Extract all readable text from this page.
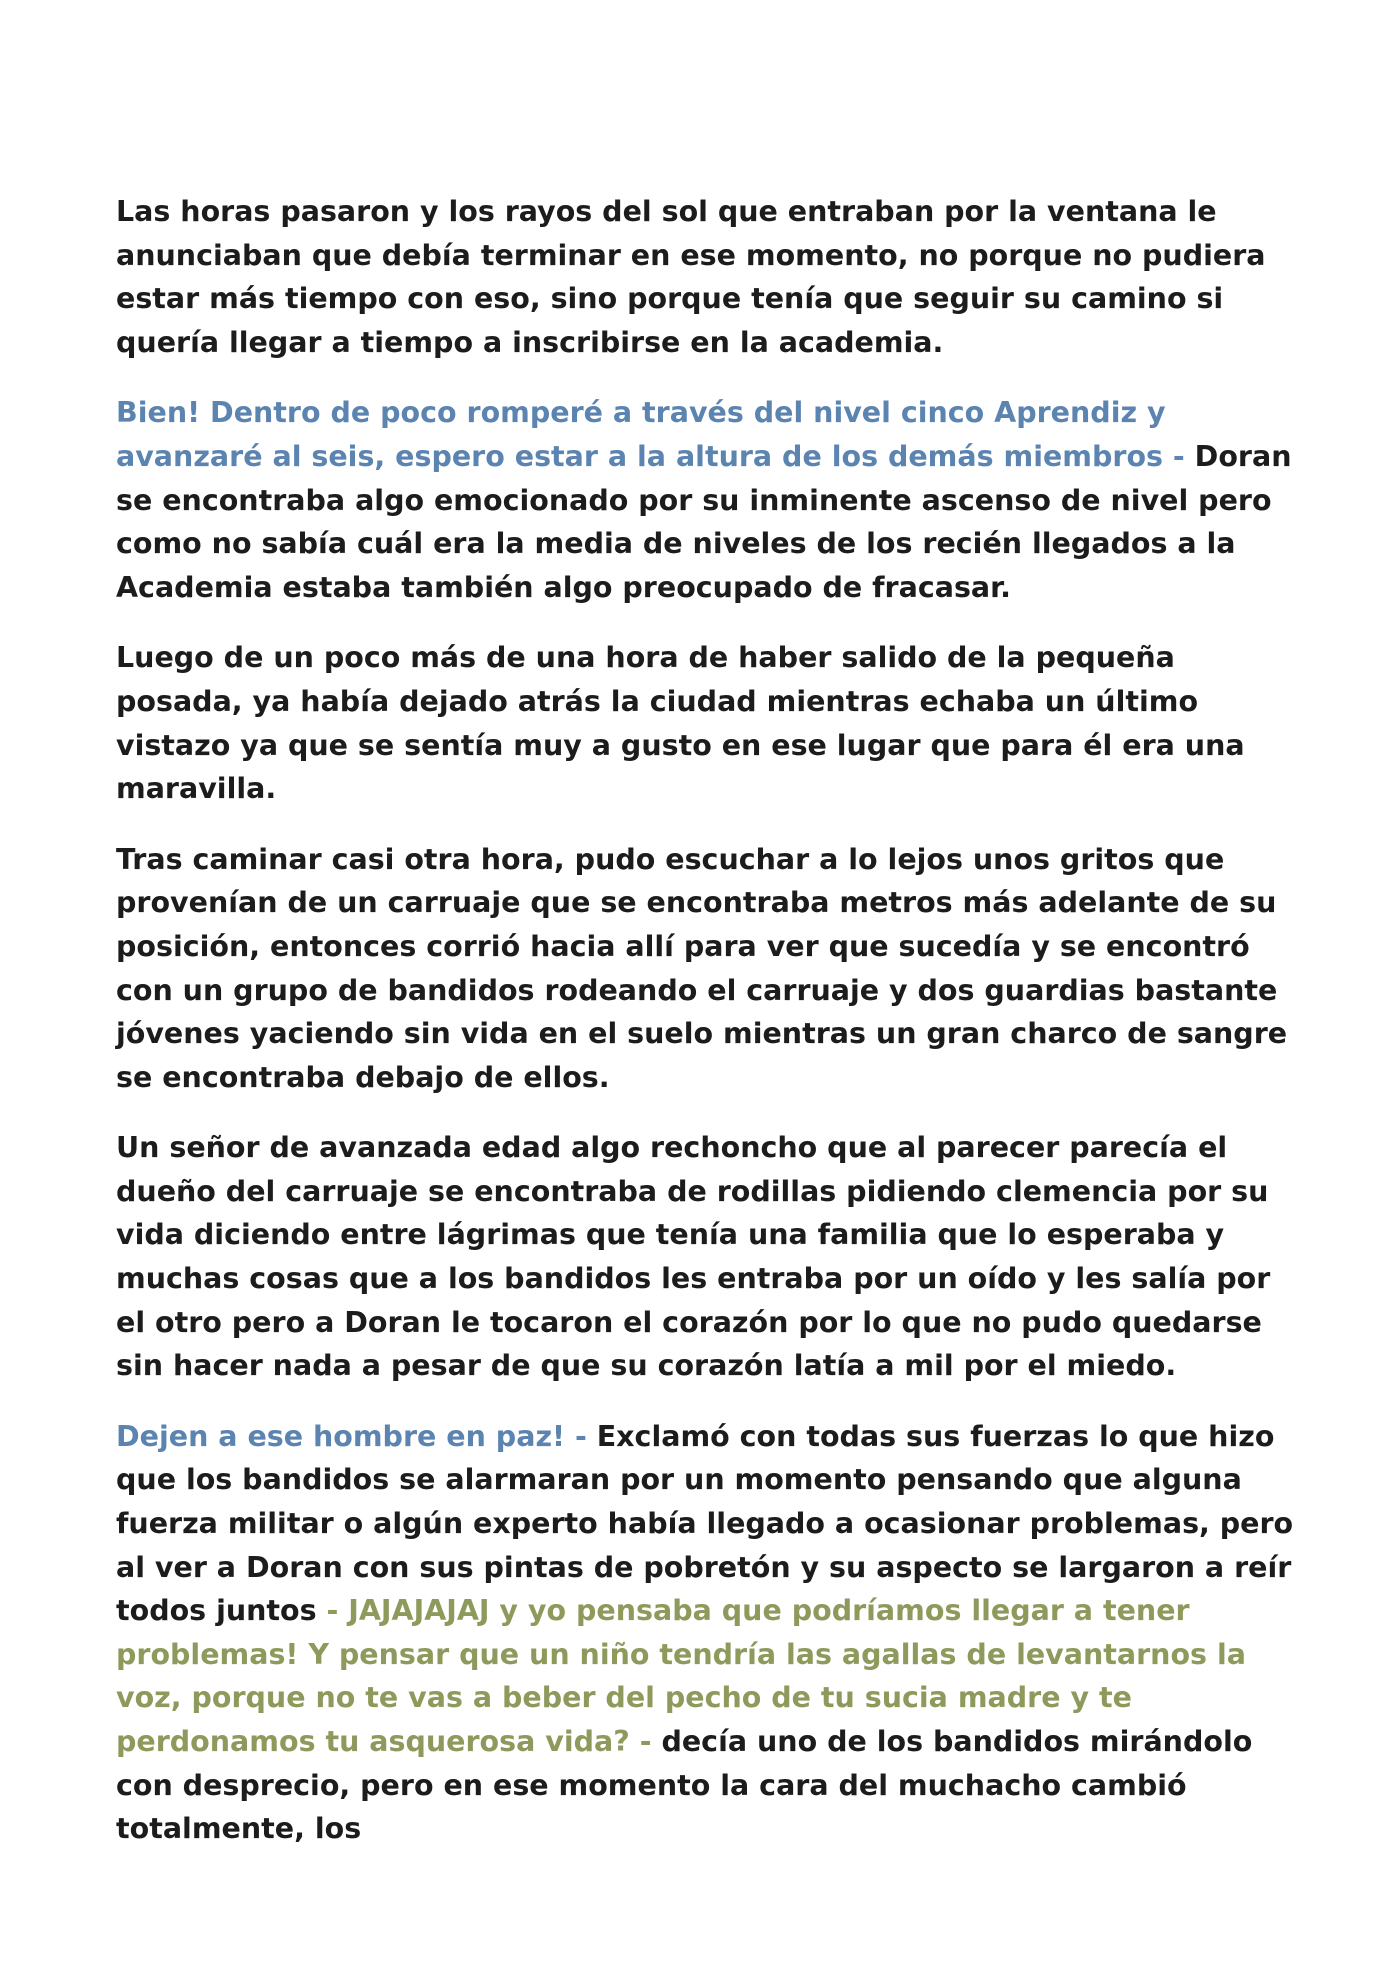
Las horas pasaron y los rayos del sol que entraban por la ventana le anunciaban que debía terminar en ese momento, no porque no pudiera estar más tiempo con eso, sino porque tenía que seguir su camino si quería llegar a tiempo a inscribirse en la academia.

Bien! Dentro de poco romperé a través del nivel cinco Aprendiz y avanzaré al seis, espero estar a la altura de los demás miembros - Doran se encontraba algo emocionado por su inminente ascenso de nivel pero como no sabía cuál era la media de niveles de los recién llegados a la Academia estaba también algo preocupado de fracasar.

Luego de un poco más de una hora de haber salido de la pequeña posada, ya había dejado atrás la ciudad mientras echaba un último vistazo ya que se sentía muy a gusto en ese lugar que para él era una maravilla.

Tras caminar casi otra hora, pudo escuchar a lo lejos unos gritos que provenían de un carruaje que se encontraba metros más adelante de su posición, entonces corrió hacia allí para ver que sucedía y se encontró con un grupo de bandidos rodeando el carruaje y dos guardias bastante jóvenes yaciendo sin vida en el suelo mientras un gran charco de sangre se encontraba debajo de ellos.

Un señor de avanzada edad algo rechoncho que al parecer parecía el dueño del carruaje se encontraba de rodillas pidiendo clemencia por su vida diciendo entre lágrimas que tenía una familia que lo esperaba y muchas cosas que a los bandidos les entraba por un oído y les salía por el otro pero a Doran le tocaron el corazón por lo que no pudo quedarse sin hacer nada a pesar de que su corazón latía a mil por el miedo.

Dejen a ese hombre en paz! - Exclamó con todas sus fuerzas lo que hizo que los bandidos se alarmaran por un momento pensando que alguna fuerza militar o algún experto había llegado a ocasionar problemas, pero al ver a Doran con sus pintas de pobretón y su aspecto se largaron a reír todos juntos - JAJAJAJAJ y yo pensaba que podríamos llegar a tener problemas! Y pensar que un niño tendría las agallas de levantarnos la voz, porque no te vas a beber del pecho de tu sucia madre y te perdonamos tu asquerosa vida? - decía uno de los bandidos mirándolo con desprecio, pero en ese momento la cara del muchacho cambió totalmente, los
